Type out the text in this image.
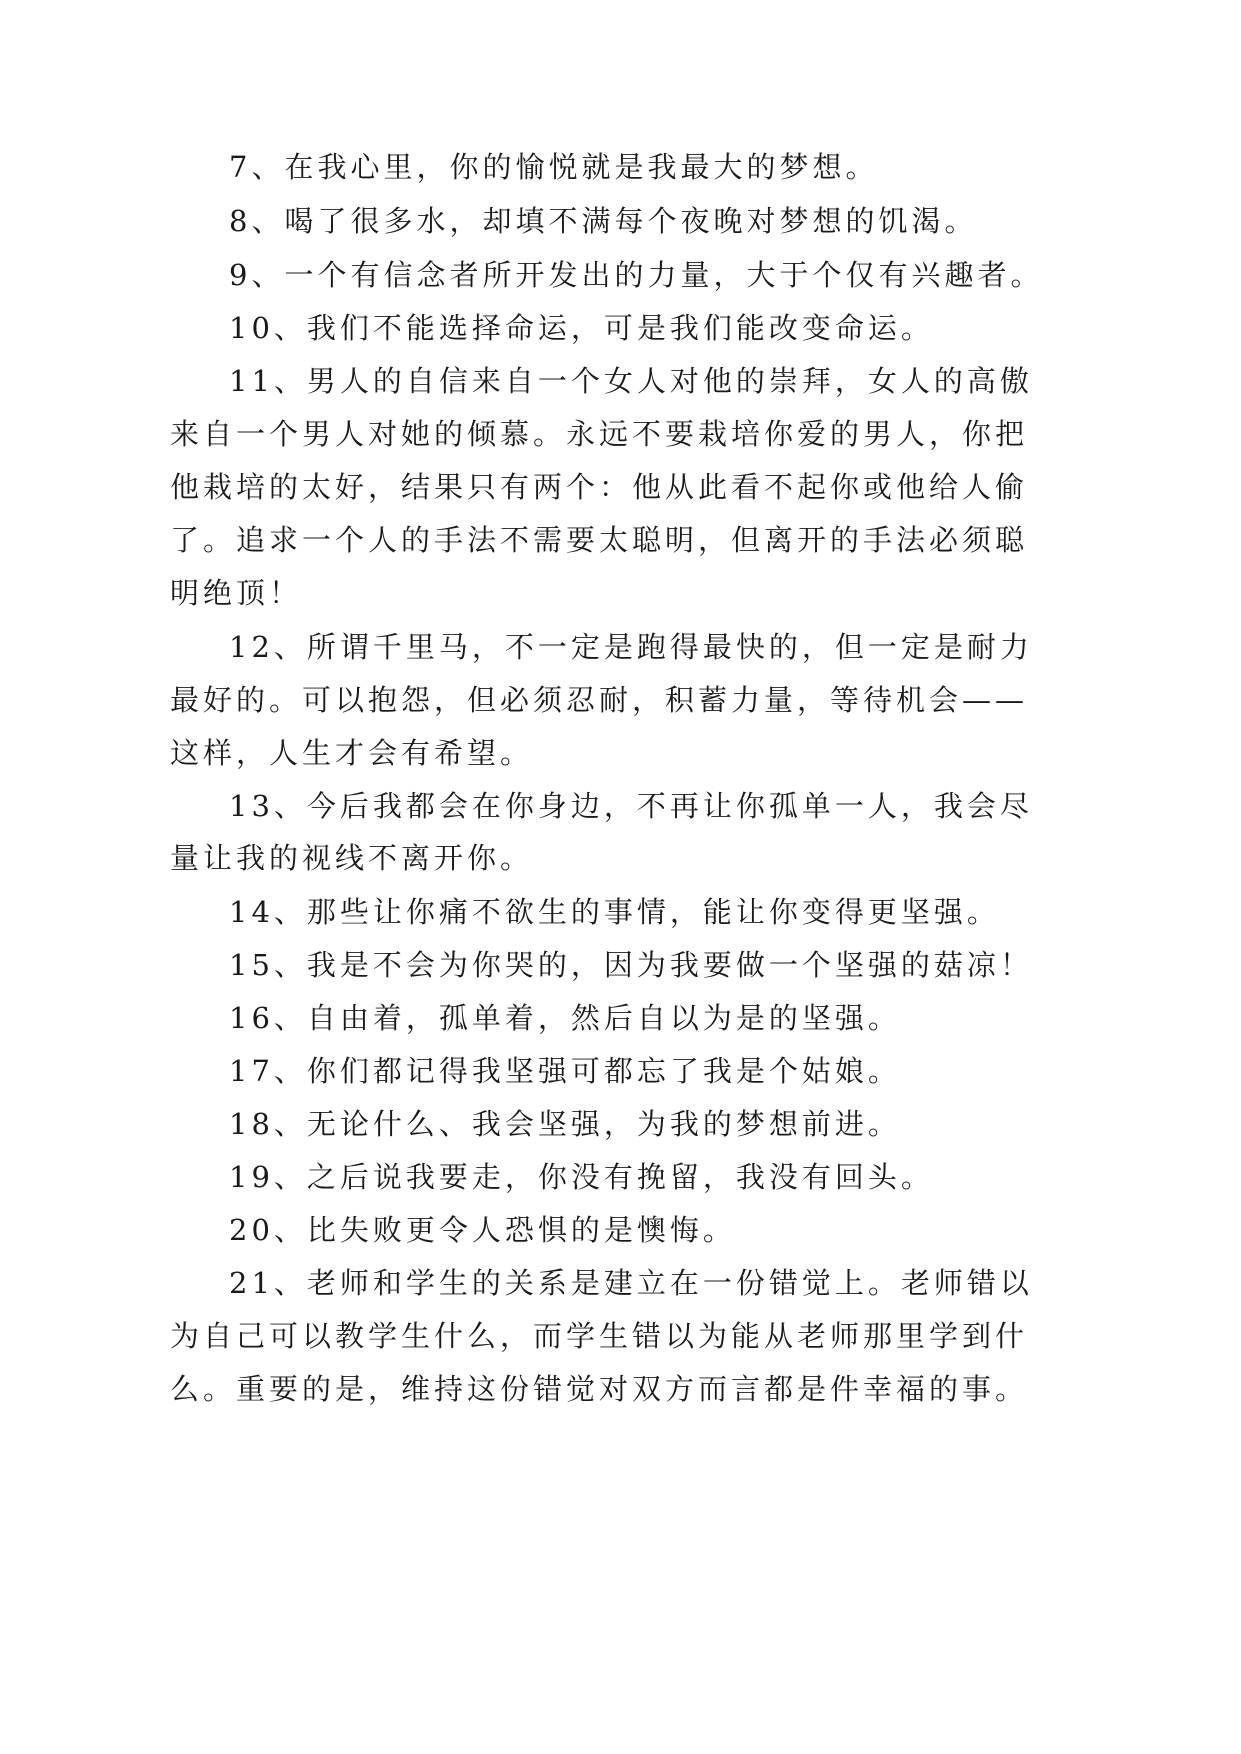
7、在我心里，你的愉悦就是我最大的梦想。

8、喝了很多水，却填不满每个夜晚对梦想的饥渴。

9、一个有信念者所开发出的力量，大于个仅有兴趣者。

10、我们不能选择命运，可是我们能改变命运。

11、男人的自信来自一个女人对他的崇拜，女人的高傲

来自一个男人对她的倾慕。永远不要栽培你爱的男人，你把

他栽培的太好，结果只有两个：他从此看不起你或他给人偷

了。追求一个人的手法不需要太聪明，但离开的手法必须聪

明绝顶！

12、所谓千里马，不一定是跑得最快的，但一定是耐力

最好的。可以抱怨，但必须忍耐，积蓄力量，等待机会——

这样，人生才会有希望。

13、今后我都会在你身边，不再让你孤单一人，我会尽

量让我的视线不离开你。

14、那些让你痛不欲生的事情，能让你变得更坚强。

15、我是不会为你哭的，因为我要做一个坚强的菇凉！

16、自由着，孤单着，然后自以为是的坚强。

17、你们都记得我坚强可都忘了我是个姑娘。

18、无论什么、我会坚强，为我的梦想前进。

19、之后说我要走，你没有挽留，我没有回头。

20、比失败更令人恐惧的是懊悔。

21、老师和学生的关系是建立在一份错觉上。老师错以

为自己可以教学生什么，而学生错以为能从老师那里学到什

么。重要的是，维持这份错觉对双方而言都是件幸福的事。
